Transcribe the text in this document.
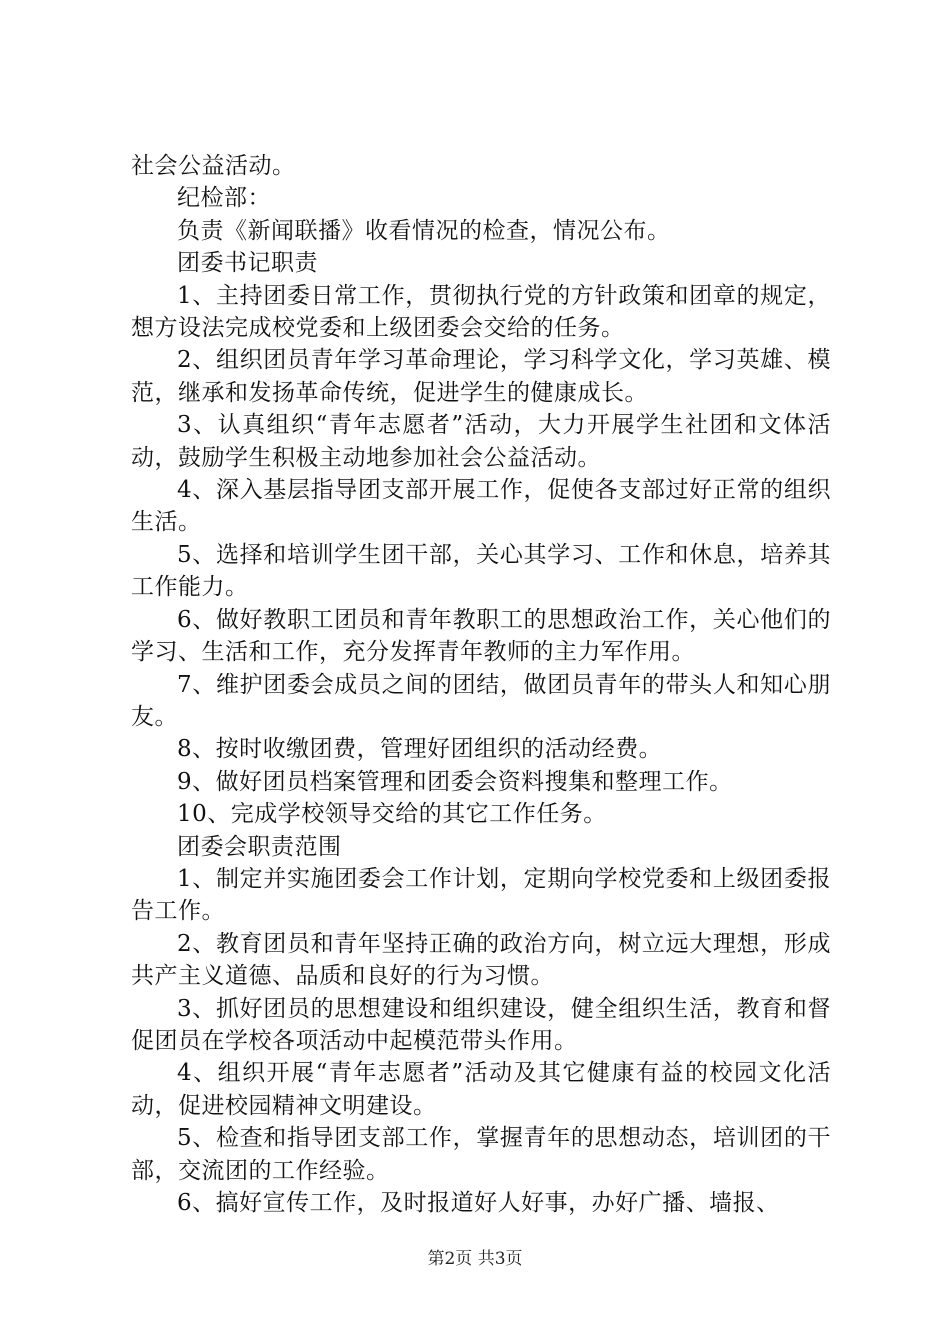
社会公益活动。

纪检部：

负责《新闻联播》收看情况的检查，情况公布。

团委书记职责

1、主持团委日常工作，贯彻执行党的方针政策和团章的规定，想方设法完成校党委和上级团委会交给的任务。

2、组织团员青年学习革命理论，学习科学文化，学习英雄、模范，继承和发扬革命传统，促进学生的健康成长。

3、认真组织“青年志愿者”活动，大力开展学生社团和文体活动，鼓励学生积极主动地参加社会公益活动。

4、深入基层指导团支部开展工作，促使各支部过好正常的组织生活。

5、选择和培训学生团干部，关心其学习、工作和休息，培养其工作能力。

6、做好教职工团员和青年教职工的思想政治工作，关心他们的学习、生活和工作，充分发挥青年教师的主力军作用。

7、维护团委会成员之间的团结，做团员青年的带头人和知心朋友。

8、按时收缴团费，管理好团组织的活动经费。

9、做好团员档案管理和团委会资料搜集和整理工作。

10、完成学校领导交给的其它工作任务。

团委会职责范围

1、制定并实施团委会工作计划，定期向学校党委和上级团委报告工作。

2、教育团员和青年坚持正确的政治方向，树立远大理想，形成共产主义道德、品质和良好的行为习惯。

3、抓好团员的思想建设和组织建设，健全组织生活，教育和督促团员在学校各项活动中起模范带头作用。

4、组织开展“青年志愿者”活动及其它健康有益的校园文化活动，促进校园精神文明建设。

5、检查和指导团支部工作，掌握青年的思想动态，培训团的干部，交流团的工作经验。

6、搞好宣传工作，及时报道好人好事，办好广播、墙报、

第2页 共3页
